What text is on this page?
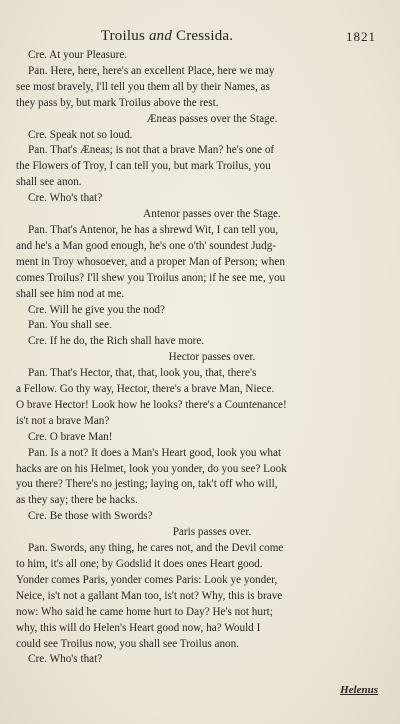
Troilus and Cressida.	1821
Cre. At your Pleasure.
Pan. Here, here, here's an excellent Place, here we may
see most bravely, I'll tell you them all by their Names, as
they pass by, but mark Troilus above the rest.
Æneas passes over the Stage.
Cre. Speak not so loud.
Pan. That's Æneas; is not that a brave Man? he's one of
the Flowers of Troy, I can tell you, but mark Troilus, you
shall see anon.
Cre. Who's that?
Antenor passes over the Stage.
Pan. That's Antenor, he has a shrewd Wit, I can tell you,
and he's a Man good enough, he's one o'th' soundest Judg-
ment in Troy whosoever, and a proper Man of Person; when
comes Troilus? I'll shew you Troilus anon; if he see me, you
shall see him nod at me.
Cre. Will he give you the nod?
Pan. You shall see.
Cre. If he do, the Rich shall have more.
Hector passes over.
Pan. That's Hector, that, that, look you, that, there's
a Fellow. Go thy way, Hector, there's a brave Man, Niece.
O brave Hector! Look how he looks? there's a Countenance!
is't not a brave Man?
Cre. O brave Man!
Pan. Is a not? It does a Man's Heart good, look you what
hacks are on his Helmet, look you yonder, do you see? Look
you there? There's no jesting; laying on, tak't off who will,
as they say; there be hacks.
Cre. Be those with Swords?
Paris passes over.
Pan. Swords, any thing, he cares not, and the Devil come
to him, it's all one; by Godslid it does ones Heart good.
Yonder comes Paris, yonder comes Paris: Look ye yonder,
Neice, is't not a gallant Man too, is't not? Why, this is brave
now: Who said he came home hurt to Day? He's not hurt;
why, this will do Helen's Heart good now, ha? Would I
could see Troilus now, you shall see Troilus anon.
Cre. Who's that?
Helenus
